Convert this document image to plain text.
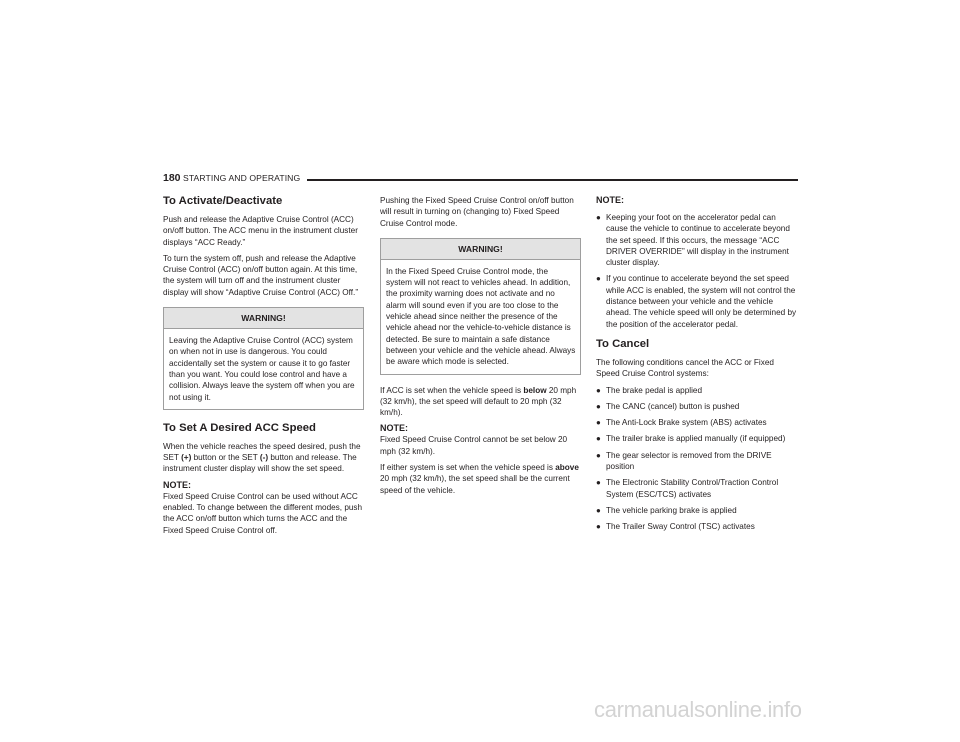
180 STARTING AND OPERATING
To Activate/Deactivate

Push and release the Adaptive Cruise Control (ACC) on/off button. The ACC menu in the instrument cluster displays “ACC Ready.”

To turn the system off, push and release the Adaptive Cruise Control (ACC) on/off button again. At this time, the system will turn off and the instrument cluster display will show “Adaptive Cruise Control (ACC) Off.”

WARNING!
Leaving the Adaptive Cruise Control (ACC) system on when not in use is dangerous. You could accidentally set the system or cause it to go faster than you want. You could lose control and have a collision. Always leave the system off when you are not using it.
To Set A Desired ACC Speed

When the vehicle reaches the speed desired, push the SET (+) button or the SET (-) button and release. The instrument cluster display will show the set speed.

NOTE:

Fixed Speed Cruise Control can be used without ACC enabled. To change between the different modes, push the ACC on/off button which turns the ACC and the Fixed Speed Cruise Control off.

Pushing the Fixed Speed Cruise Control on/off button will result in turning on (changing to) Fixed Speed Cruise Control mode.

WARNING!
In the Fixed Speed Cruise Control mode, the system will not react to vehicles ahead. In addition, the proximity warning does not activate and no alarm will sound even if you are too close to the vehicle ahead since neither the presence of the vehicle ahead nor the vehicle-to-vehicle distance is detected. Be sure to maintain a safe distance between your vehicle and the vehicle ahead. Always be aware which mode is selected.

If ACC is set when the vehicle speed is below 20 mph (32 km/h), the set speed will default to 20 mph (32 km/h).

NOTE:

Fixed Speed Cruise Control cannot be set below 20 mph (32 km/h).

If either system is set when the vehicle speed is above 20 mph (32 km/h), the set speed shall be the current speed of the vehicle.

NOTE:
● Keeping your foot on the accelerator pedal can cause the vehicle to continue to accelerate beyond the set speed. If this occurs, the message “ACC DRIVER OVERRIDE” will display in the instrument cluster display.
● If you continue to accelerate beyond the set speed while ACC is enabled, the system will not control the distance between your vehicle and the vehicle ahead. The vehicle speed will only be determined by the position of the accelerator pedal.
To Cancel

The following conditions cancel the ACC or Fixed Speed Cruise Control systems:

● The brake pedal is applied
● The CANC (cancel) button is pushed
● The Anti-Lock Brake system (ABS) activates
● The trailer brake is applied manually (if equipped)
● The gear selector is removed from the DRIVE position
● The Electronic Stability Control/Traction Control System (ESC/TCS) activates
● The vehicle parking brake is applied
● The Trailer Sway Control (TSC) activates
carmanualsonline.info
